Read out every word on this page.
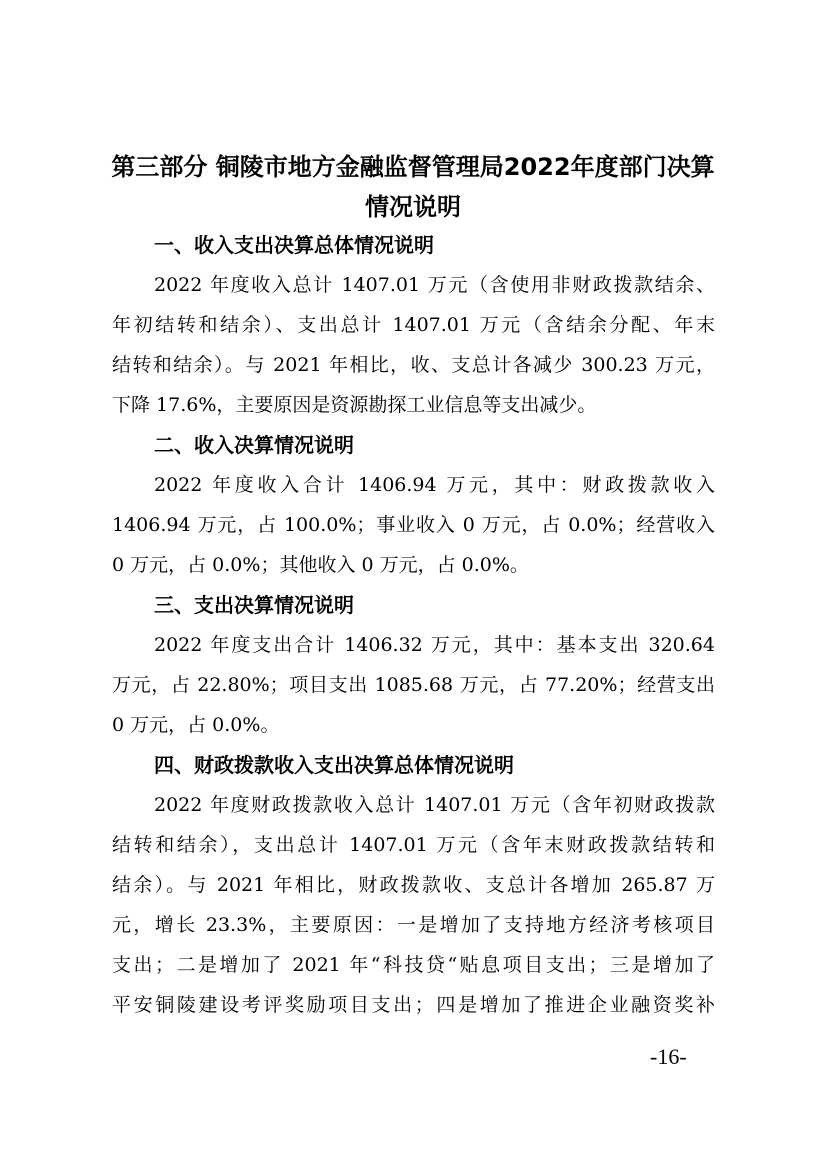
第三部分 铜陵市地方金融监督管理局2022年度部门决算
情况说明
一、收入支出决算总体情况说明

2022 年度收入总计 1407.01 万元（含使用非财政拨款结余、

年初结转和结余）、支出总计 1407.01 万元（含结余分配、年末

结转和结余）。与 2021 年相比，收、支总计各减少 300.23 万元，

下降 17.6%，主要原因是资源勘探工业信息等支出减少。

二、收入决算情况说明

2022 年度收入合计 1406.94 万元，其中：财政拨款收入

1406.94 万元，占 100.0%；事业收入 0 万元，占 0.0%；经营收入

0 万元，占 0.0%；其他收入 0 万元，占 0.0%。

三、支出决算情况说明

2022 年度支出合计 1406.32 万元，其中：基本支出 320.64

万元，占 22.80%；项目支出 1085.68 万元，占 77.20%；经营支出

0 万元，占 0.0%。

四、财政拨款收入支出决算总体情况说明

2022 年度财政拨款收入总计 1407.01 万元（含年初财政拨款

结转和结余），支出总计 1407.01 万元（含年末财政拨款结转和

结余）。与 2021 年相比，财政拨款收、支总计各增加 265.87 万

元，增长 23.3%，主要原因：一是增加了支持地方经济考核项目

支出；二是增加了 2021 年“科技贷“贴息项目支出；三是增加了

平安铜陵建设考评奖励项目支出；四是增加了推进企业融资奖补

-16-
